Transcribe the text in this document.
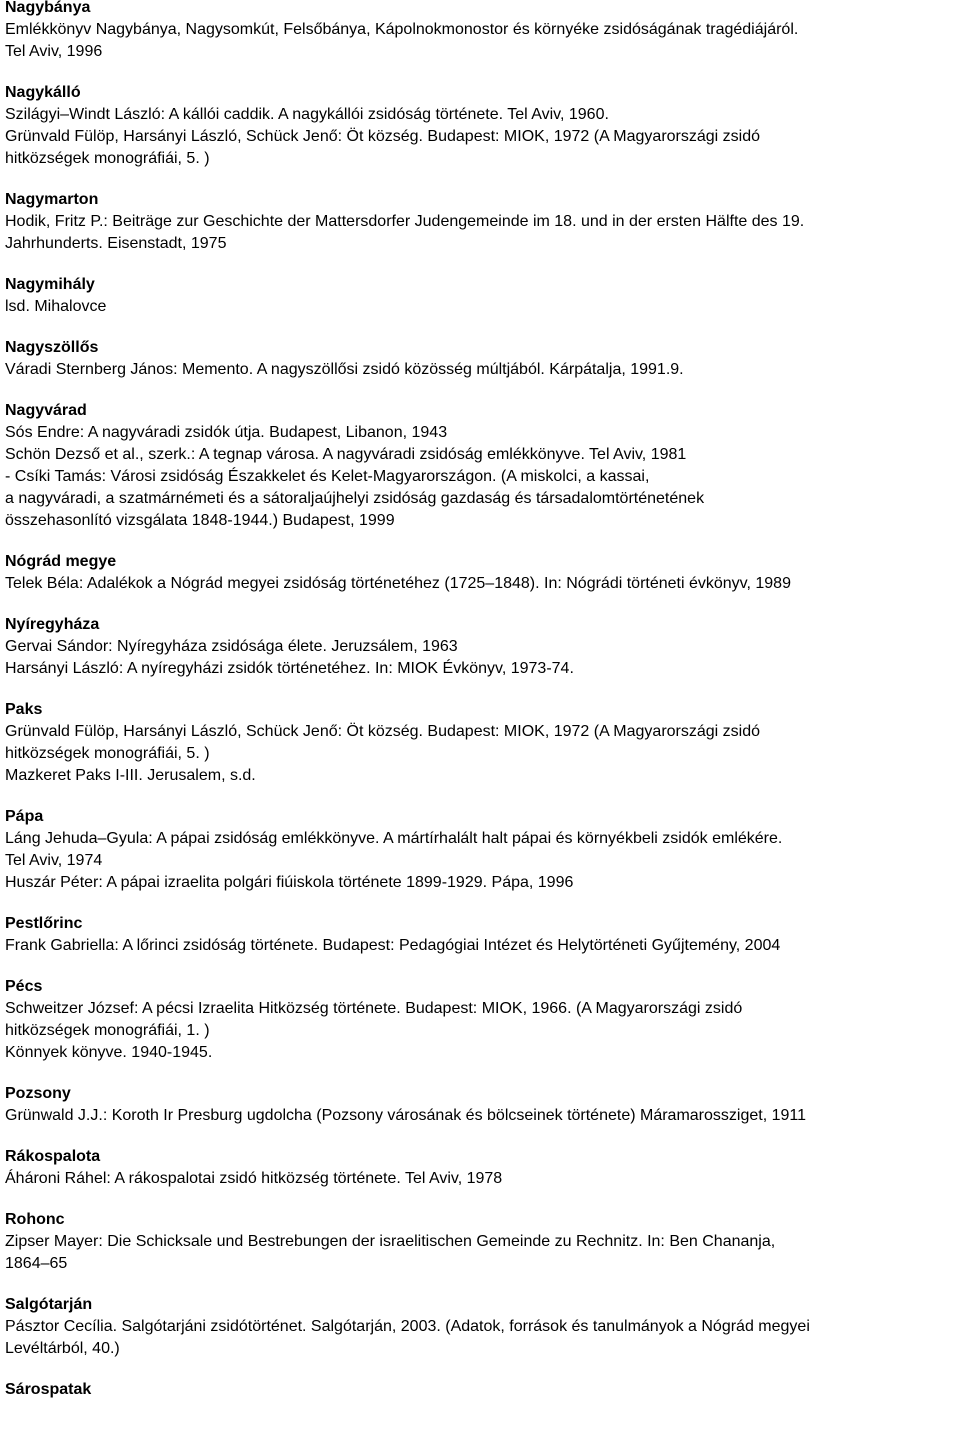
Nagybánya
Emlékkönyv Nagybánya, Nagysomkút, Felsőbánya, Kápolnokmonostor és környéke zsidóságának tragédiájáról.
Tel Aviv, 1996
Nagykálló
Szilágyi–Windt László: A kállói caddik. A nagykállói zsidóság története. Tel Aviv, 1960.
Grünvald Fülöp, Harsányi László, Schück Jenő: Öt község. Budapest: MIOK, 1972 (A Magyarországi zsidó
hitközségek monográfiái, 5. )
Nagymarton
Hodik, Fritz P.: Beiträge zur Geschichte der Mattersdorfer Judengemeinde im 18. und in der ersten Hälfte des 19.
Jahrhunderts. Eisenstadt, 1975
Nagymihály
lsd. Mihalovce
Nagyszöllős
Váradi Sternberg János: Memento. A nagyszöllősi zsidó közösség múltjából. Kárpátalja, 1991.9.
Nagyvárad
Sós Endre: A nagyváradi zsidók útja. Budapest, Libanon, 1943
Schön Dezső et al., szerk.: A tegnap városa. A nagyváradi zsidóság emlékkönyve. Tel Aviv, 1981
- Csíki Tamás: Városi zsidóság Északkelet és Kelet-Magyarországon. (A miskolci, a kassai,
a nagyváradi, a szatmárnémeti és a sátoraljaújhelyi zsidóság gazdaság és társadalomtörténetének
összehasonlító vizsgálata 1848-1944.) Budapest, 1999
Nógrád megye
Telek Béla: Adalékok a Nógrád megyei zsidóság történetéhez (1725–1848). In: Nógrádi történeti évkönyv, 1989
Nyíregyháza
Gervai Sándor: Nyíregyháza zsidósága élete. Jeruzsálem, 1963
Harsányi László: A nyíregyházi zsidók történetéhez. In: MIOK Évkönyv, 1973-74.
Paks
Grünvald Fülöp, Harsányi László, Schück Jenő: Öt község. Budapest: MIOK, 1972 (A Magyarországi zsidó
hitközségek monográfiái, 5. )
Mazkeret Paks I-III. Jerusalem, s.d.
Pápa
Láng Jehuda–Gyula: A pápai zsidóság emlékkönyve. A mártírhalált halt pápai és környékbeli zsidók emlékére.
Tel Aviv, 1974
Huszár Péter: A pápai izraelita polgári fiúiskola története 1899-1929. Pápa, 1996
Pestlőrinc
Frank Gabriella: A lőrinci zsidóság története. Budapest: Pedagógiai Intézet és Helytörténeti Gyűjtemény, 2004
Pécs
Schweitzer József: A pécsi Izraelita Hitközség története. Budapest: MIOK, 1966. (A Magyarországi zsidó
hitközségek monográfiái, 1. )
Könnyek könyve. 1940-1945.
Pozsony
Grünwald J.J.: Koroth Ir Presburg ugdolcha (Pozsony városának és bölcseinek története) Máramarossziget, 1911
Rákospalota
Áhároni Ráhel: A rákospalotai zsidó hitközség története. Tel Aviv, 1978
Rohonc
Zipser Mayer: Die Schicksale und Bestrebungen der israelitischen Gemeinde zu Rechnitz. In: Ben Chananja,
1864–65
Salgótarján
Pásztor Cecília. Salgótarjáni zsidótörténet. Salgótarján, 2003. (Adatok, források és tanulmányok a Nógrád megyei
Levéltárból, 40.)
Sárospatak
